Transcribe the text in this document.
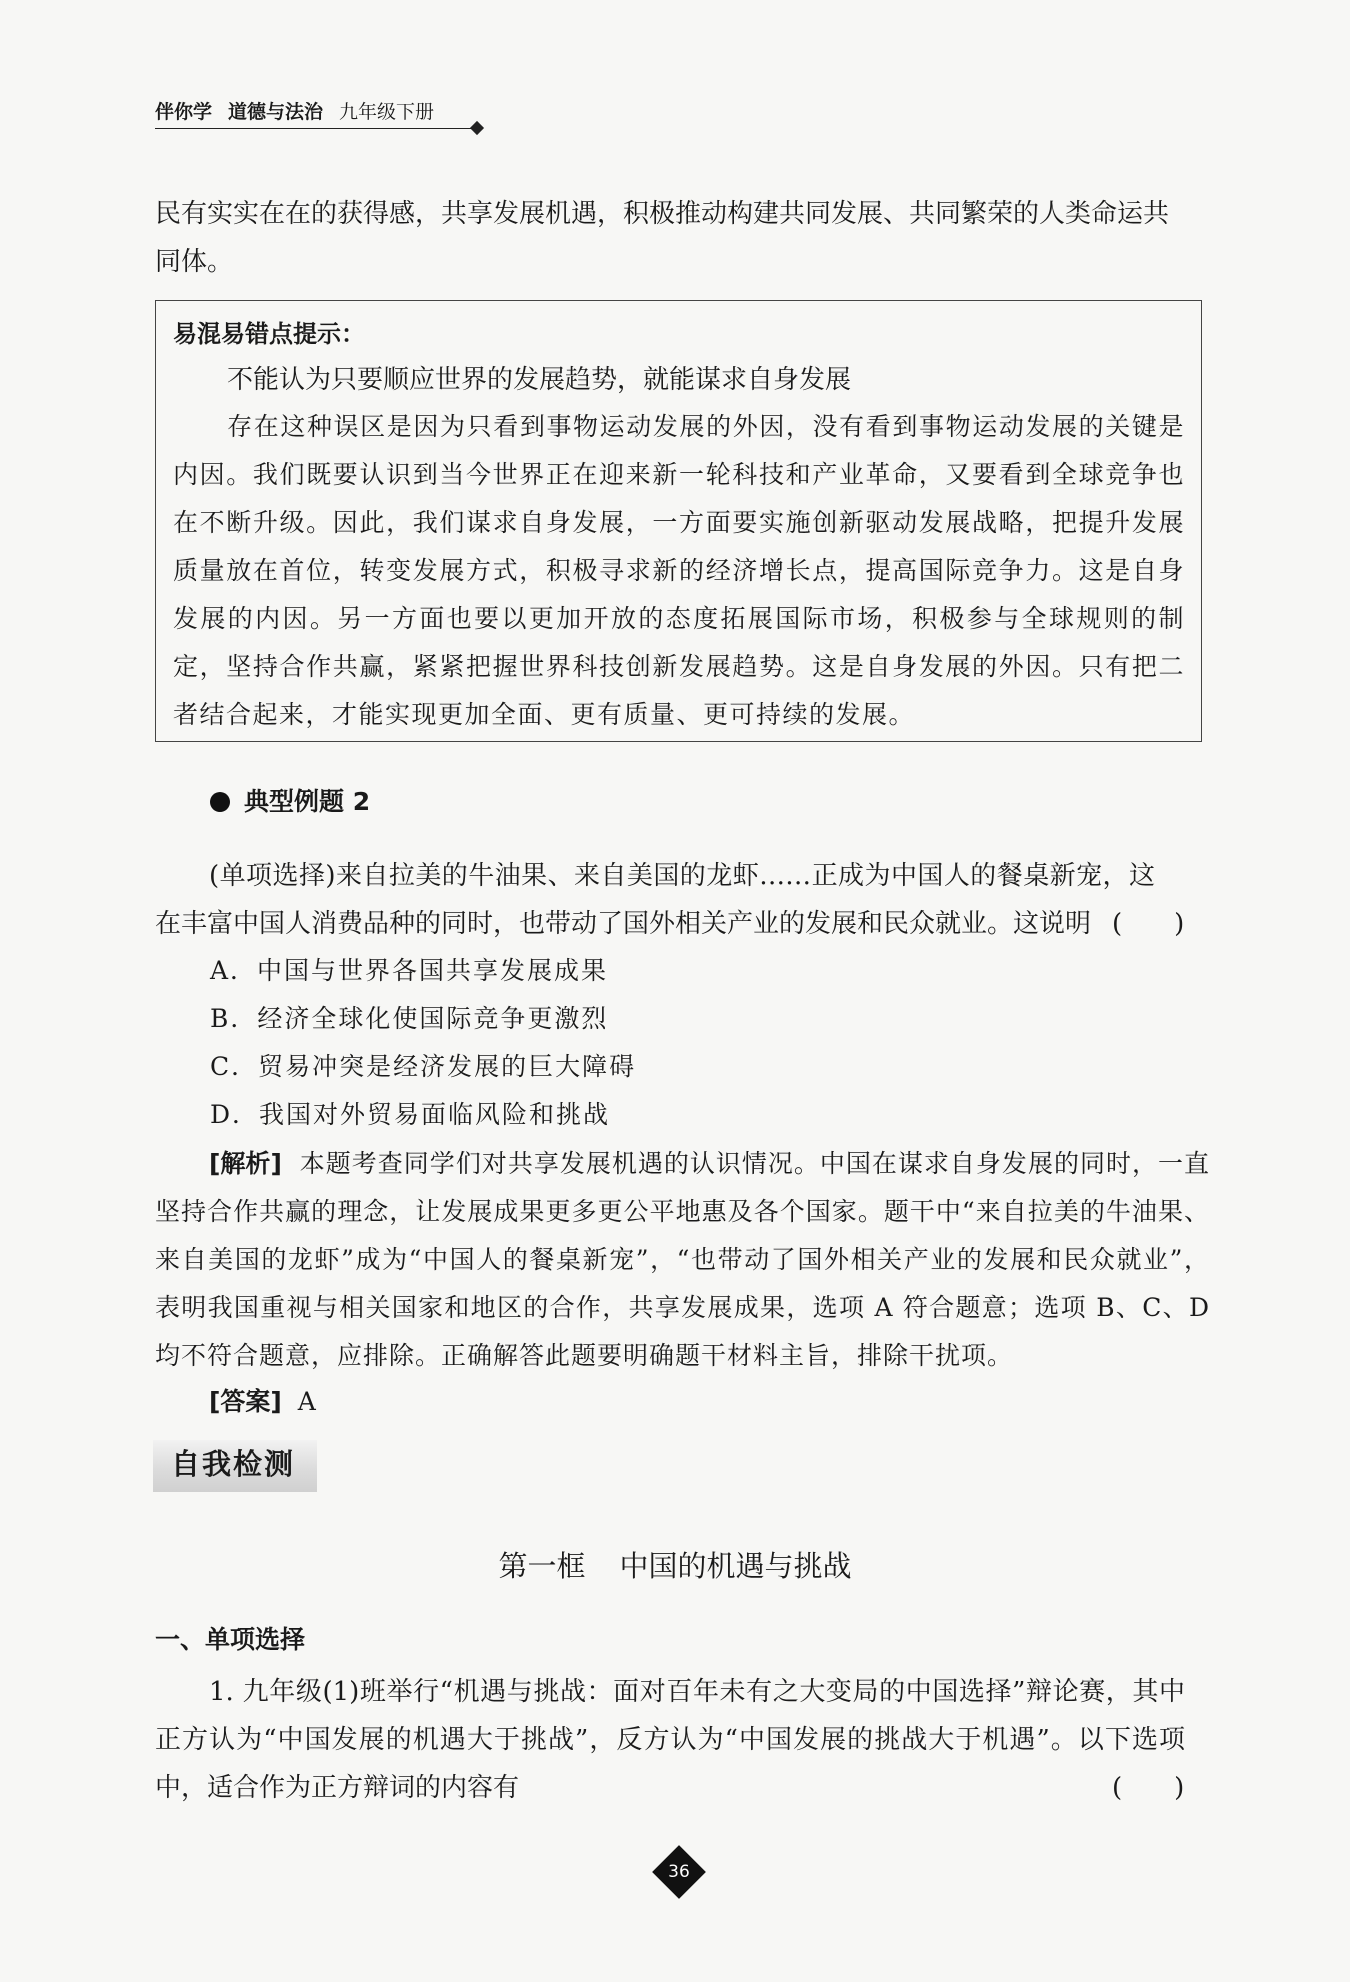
伴你学 道德与法治 九年级下册
民有实实在在的获得感，共享发展机遇，积极推动构建共同发展、共同繁荣的人类命运共
同体。
易混易错点提示：
不能认为只要顺应世界的发展趋势，就能谋求自身发展
存在这种误区是因为只看到事物运动发展的外因，没有看到事物运动发展的关键是内因。我们既要认识到当今世界正在迎来新一轮科技和产业革命，又要看到全球竞争也在不断升级。因此，我们谋求自身发展，一方面要实施创新驱动发展战略，把提升发展质量放在首位，转变发展方式，积极寻求新的经济增长点，提高国际竞争力。这是自身发展的内因。另一方面也要以更加开放的态度拓展国际市场，积极参与全球规则的制定，坚持合作共赢，紧紧把握世界科技创新发展趋势。这是自身发展的外因。只有把二者结合起来，才能实现更加全面、更有质量、更可持续的发展。
典型例题 2
(单项选择)来自拉美的牛油果、来自美国的龙虾……正成为中国人的餐桌新宠，这在丰富中国人消费品种的同时，也带动了国外相关产业的发展和民众就业。这说明 (　　)
A．中国与世界各国共享发展成果
B．经济全球化使国际竞争更激烈
C．贸易冲突是经济发展的巨大障碍
D．我国对外贸易面临风险和挑战
[解析] 本题考查同学们对共享发展机遇的认识情况。中国在谋求自身发展的同时，一直坚持合作共赢的理念，让发展成果更多更公平地惠及各个国家。题干中“来自拉美的牛油果、来自美国的龙虾”成为“中国人的餐桌新宠”，“也带动了国外相关产业的发展和民众就业”，表明我国重视与相关国家和地区的合作，共享发展成果，选项 A 符合题意；选项 B、C、D 均不符合题意，应排除。正确解答此题要明确题干材料主旨，排除干扰项。
[答案] A
自我检测
第一框 中国的机遇与挑战
一、单项选择
1. 九年级(1)班举行“机遇与挑战：面对百年未有之大变局的中国选择”辩论赛，其中正方认为“中国发展的机遇大于挑战”，反方认为“中国发展的挑战大于机遇”。以下选项中，适合作为正方辩词的内容有	(　　)
36
